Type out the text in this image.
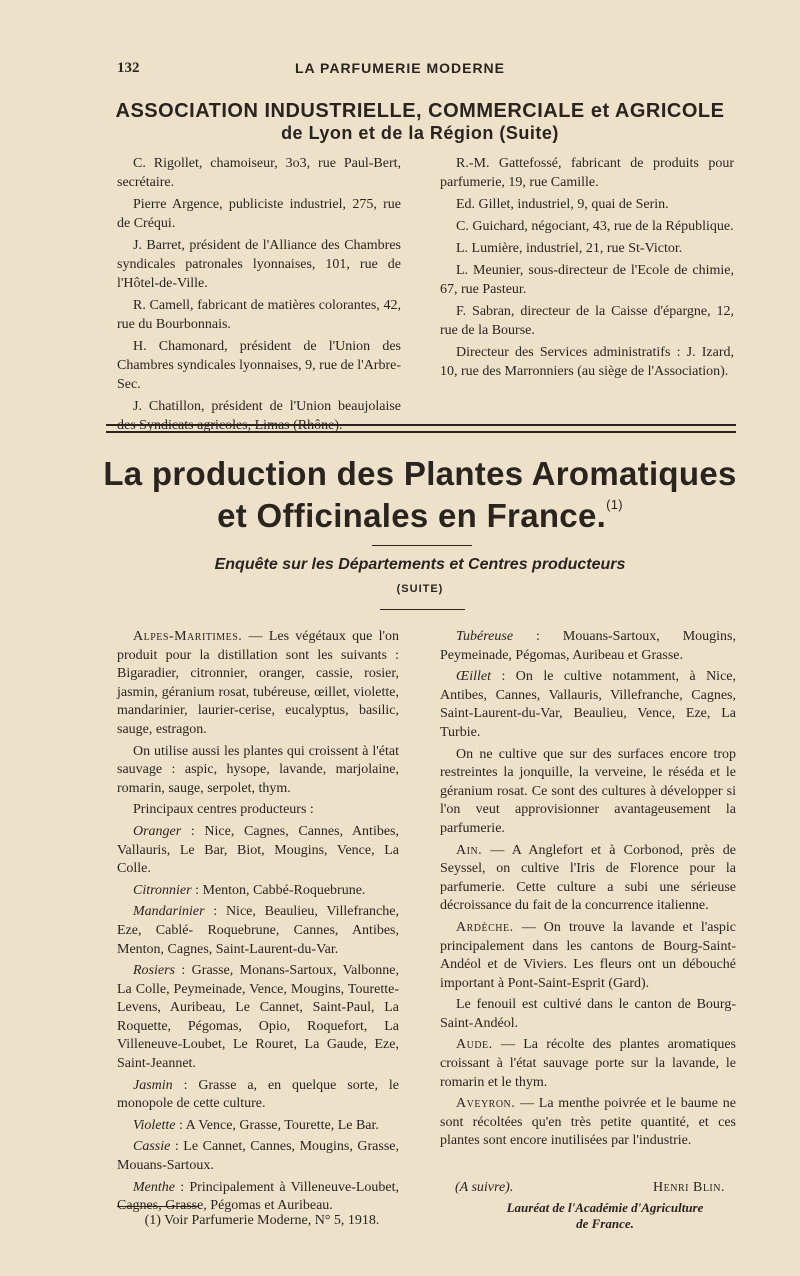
132	LA PARFUMERIE MODERNE
ASSOCIATION INDUSTRIELLE, COMMERCIALE et AGRICOLE
de Lyon et de la Région (Suite)

C. Rigollet, chamoiseur, 3o3, rue Paul-Bert, secrétaire.

Pierre Argence, publiciste industriel, 275, rue de Créqui.

J. Barret, président de l'Alliance des Chambres syndicales patronales lyonnaises, 101, rue de l'Hôtel-de-Ville.

R. Camell, fabricant de matières colorantes, 42, rue du Bourbonnais.

H. Chamonard, président de l'Union des Chambres syndicales lyonnaises, 9, rue de l'Arbre-Sec.

J. Chatillon, président de l'Union beaujolaise des Syndicats agricoles, Limas (Rhône).

R.-M. Gattefossé, fabricant de produits pour parfumerie, 19, rue Camille.

Ed. Gillet, industriel, 9, quai de Serin.

C. Guichard, négociant, 43, rue de la République.

L. Lumière, industriel, 21, rue St-Victor.

L. Meunier, sous-directeur de l'Ecole de chimie, 67, rue Pasteur.

F. Sabran, directeur de la Caisse d'épargne, 12, rue de la Bourse.

Directeur des Services administratifs : J. Izard, 10, rue des Marronniers (au siège de l'Association).

La production des Plantes Aromatiques
et Officinales en France.$^{(1)}$
Enquête sur les Départements et Centres producteurs
(SUITE)

Alpes-Maritimes. — Les végétaux que l'on produit pour la distillation sont les suivants : Bigaradier, citronnier, oranger, cassie, rosier, jasmin, géranium rosat, tubéreuse, œillet, violette, mandarinier, laurier-cerise, eucalyptus, basilic, sauge, estragon.

On utilise aussi les plantes qui croissent à l'état sauvage : aspic, hysope, lavande, marjolaine, romarin, sauge, serpolet, thym.

Principaux centres producteurs :

Oranger : Nice, Cagnes, Cannes, Antibes, Vallauris, Le Bar, Biot, Mougins, Vence, La Colle.

Citronnier : Menton, Cabbé-Roquebrune.

Mandarinier : Nice, Beaulieu, Villefranche, Eze, Cablé- Roquebrune, Cannes, Antibes, Menton, Cagnes, Saint-Laurent-du-Var.

Rosiers : Grasse, Monans-Sartoux, Valbonne, La Colle, Peymeinade, Vence, Mougins, Tourette-Levens, Auribeau, Le Cannet, Saint-Paul, La Roquette, Pégomas, Opio, Roquefort, La Villeneuve-Loubet, Le Rouret, La Gaude, Eze, Saint-Jeannet.

Jasmin : Grasse a, en quelque sorte, le monopole de cette culture.

Violette : A Vence, Grasse, Tourette, Le Bar.

Cassie : Le Cannet, Cannes, Mougins, Grasse, Mouans-Sartoux.

Menthe : Principalement à Villeneuve-Loubet, Cagnes, Grasse, Pégomas et Auribeau.

(1) Voir Parfumerie Moderne, N° 5, 1918.

Tubéreuse : Mouans-Sartoux, Mougins, Peymeinade, Pégomas, Auribeau et Grasse.

Œillet : On le cultive notamment, à Nice, Antibes, Cannes, Vallauris, Villefranche, Cagnes, Saint-Laurent-du-Var, Beaulieu, Vence, Eze, La Turbie.

On ne cultive que sur des surfaces encore trop restreintes la jonquille, la verveine, le réséda et le géranium rosat. Ce sont des cultures à développer si l'on veut approvisionner avantageusement la parfumerie.

Ain. — A Anglefort et à Corbonod, près de Seyssel, on cultive l'Iris de Florence pour la parfumerie. Cette culture a subi une sérieuse décroissance du fait de la concurrence italienne.

Ardèche. — On trouve la lavande et l'aspic principalement dans les cantons de Bourg-Saint-Andéol et de Viviers. Les fleurs ont un débouché important à Pont-Saint-Esprit (Gard).

Le fenouil est cultivé dans le canton de Bourg-Saint-Andéol.

Aude. — La récolte des plantes aromatiques croissant à l'état sauvage porte sur la lavande, le romarin et le thym.

Aveyron. — La menthe poivrée et le baume ne sont récoltées qu'en très petite quantité, et ces plantes sont encore inutilisées par l'industrie.

(A suivre).	Henri Blin.
Lauréat de l'Académie d'Agriculture
de France.
